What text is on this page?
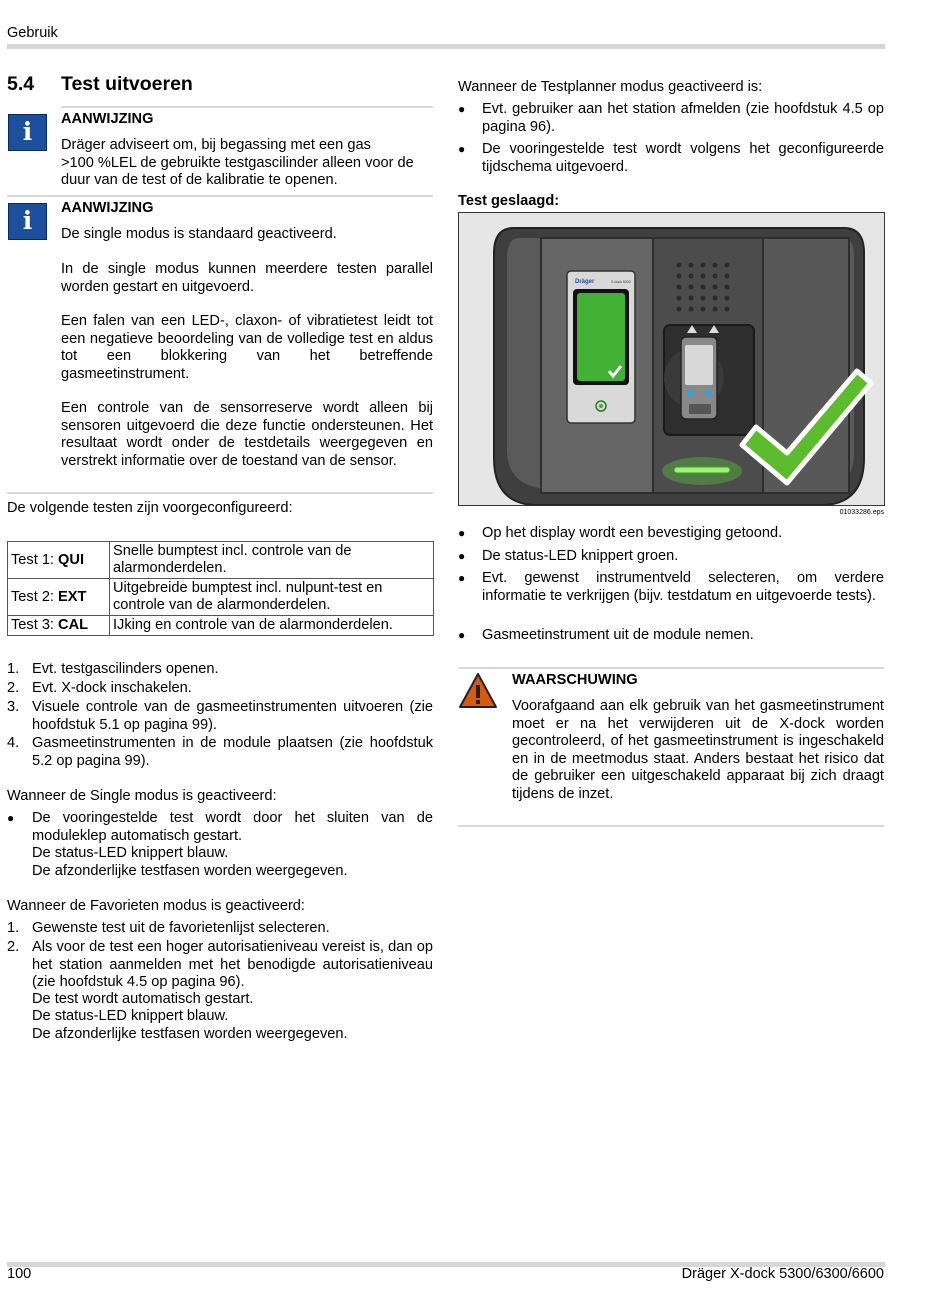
Gebruik
5.4 Test uitvoeren
i	AANWIJZING
Dräger adviseert om, bij begassing met een gas
>100 %LEL de gebruikte testgascilinder alleen voor de
duur van de test of de kalibratie te openen.
i	AANWIJZING
De single modus is standaard geactiveerd.
In de single modus kunnen meerdere testen parallel worden gestart en uitgevoerd.
Een falen van een LED-, claxon- of vibratietest leidt tot een negatieve beoordeling van de volledige test en aldus tot een blokkering van het betreffende gasmeetinstrument.
Een controle van de sensorreserve wordt alleen bij sensoren uitgevoerd die deze functie ondersteunen. Het resultaat wordt onder de testdetails weergegeven en verstrekt informatie over de toestand van de sensor.
De volgende testen zijn voorgeconfigureerd:
Test 1: QUI	Snelle bumptest incl. controle van de alarmonderdelen.
Test 2: EXT	Uitgebreide bumptest incl. nulpunt-test en controle van de alarmonderdelen.
Test 3: CAL	IJking en controle van de alarmonderdelen.
1. Evt. testgascilinders openen.
2. Evt. X-dock inschakelen.
3. Visuele controle van de gasmeetinstrumenten uitvoeren (zie hoofdstuk 5.1 op pagina 99).
4. Gasmeetinstrumenten in de module plaatsen (zie hoofdstuk 5.2 op pagina 99).
Wanneer de Single modus is geactiveerd:
● De vooringestelde test wordt door het sluiten van de moduleklep automatisch gestart.
De status-LED knippert blauw.
De afzonderlijke testfasen worden weergegeven.
Wanneer de Favorieten modus is geactiveerd:
1. Gewenste test uit de favorietenlijst selecteren.
2. Als voor de test een hoger autorisatieniveau vereist is, dan op het station aanmelden met het benodigde autorisatieniveau (zie hoofdstuk 4.5 op pagina 96).
De test wordt automatisch gestart.
De status-LED knippert blauw.
De afzonderlijke testfasen worden weergegeven.
Wanneer de Testplanner modus geactiveerd is:
● Evt. gebruiker aan het station afmelden (zie hoofdstuk 4.5 op pagina 96).
● De vooringestelde test wordt volgens het geconfigureerde tijdschema uitgevoerd.
Test geslaagd:
Dräger	X-dock 5300
01033286.eps
● Op het display wordt een bevestiging getoond.
● De status-LED knippert groen.
● Evt. gewenst instrumentveld selecteren, om verdere informatie te verkrijgen (bijv. testdatum en uitgevoerde tests).
● Gasmeetinstrument uit de module nemen.
WAARSCHUWING
Voorafgaand aan elk gebruik van het gasmeetinstrument moet er na het verwijderen uit de X-dock worden gecontroleerd, of het gasmeetinstrument is ingeschakeld en in de meetmodus staat. Anders bestaat het risico dat de gebruiker een uitgeschakeld apparaat bij zich draagt tijdens de inzet.
100	Dräger X-dock 5300/6300/6600
